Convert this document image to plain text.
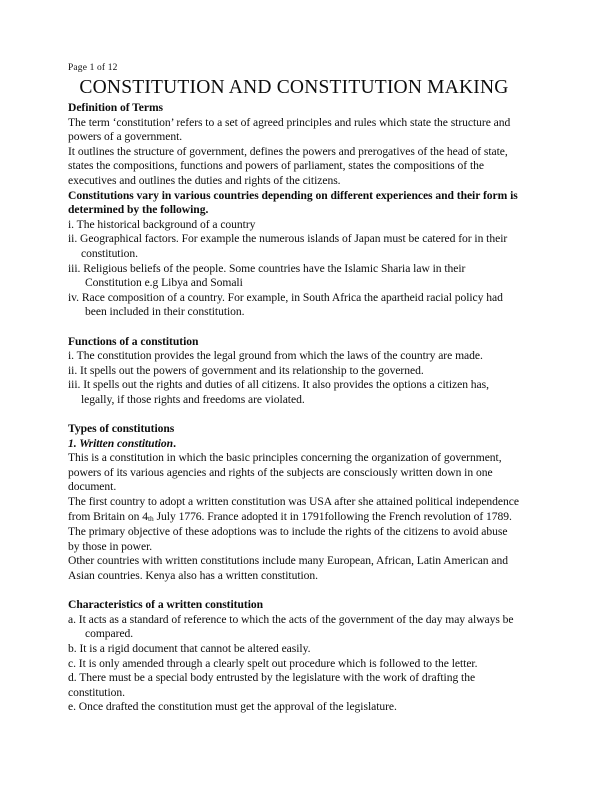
Page 1 of 12
CONSTITUTION AND CONSTITUTION MAKING
Definition of Terms
The term ‘constitution’ refers to a set of agreed principles and rules which state the structure and powers of a government.
It outlines the structure of government, defines the powers and prerogatives of the head of state, states the compositions, functions and powers of parliament, states the compositions of the executives and outlines the duties and rights of the citizens.
Constitutions vary in various countries depending on different experiences and their form is determined by the following.
i. The historical background of a country
ii. Geographical factors. For example the numerous islands of Japan must be catered for in their constitution.
iii. Religious beliefs of the people. Some countries have the Islamic Sharia law in their Constitution e.g Libya and Somali
iv. Race composition of a country. For example, in South Africa the apartheid racial policy had been included in their constitution.
Functions of a constitution
i. The constitution provides the legal ground from which the laws of the country are made.
ii. It spells out the powers of government and its relationship to the governed.
iii. It spells out the rights and duties of all citizens. It also provides the options a citizen has, legally, if those rights and freedoms are violated.
Types of constitutions
1. Written constitution.
This is a constitution in which the basic principles concerning the organization of government, powers of its various agencies and rights of the subjects are consciously written down in one document.
The first country to adopt a written constitution was USA after she attained political independence from Britain on $4_{th}$ July 1776. France adopted it in 1791following the French revolution of 1789. The primary objective of these adoptions was to include the rights of the citizens to avoid abuse by those in power.
Other countries with written constitutions include many European, African, Latin American and Asian countries. Kenya also has a written constitution.
Characteristics of a written constitution
a. It acts as a standard of reference to which the acts of the government of the day may always be compared.
b. It is a rigid document that cannot be altered easily.
c. It is only amended through a clearly spelt out procedure which is followed to the letter.
d. There must be a special body entrusted by the legislature with the work of drafting the constitution.
e. Once drafted the constitution must get the approval of the legislature.
